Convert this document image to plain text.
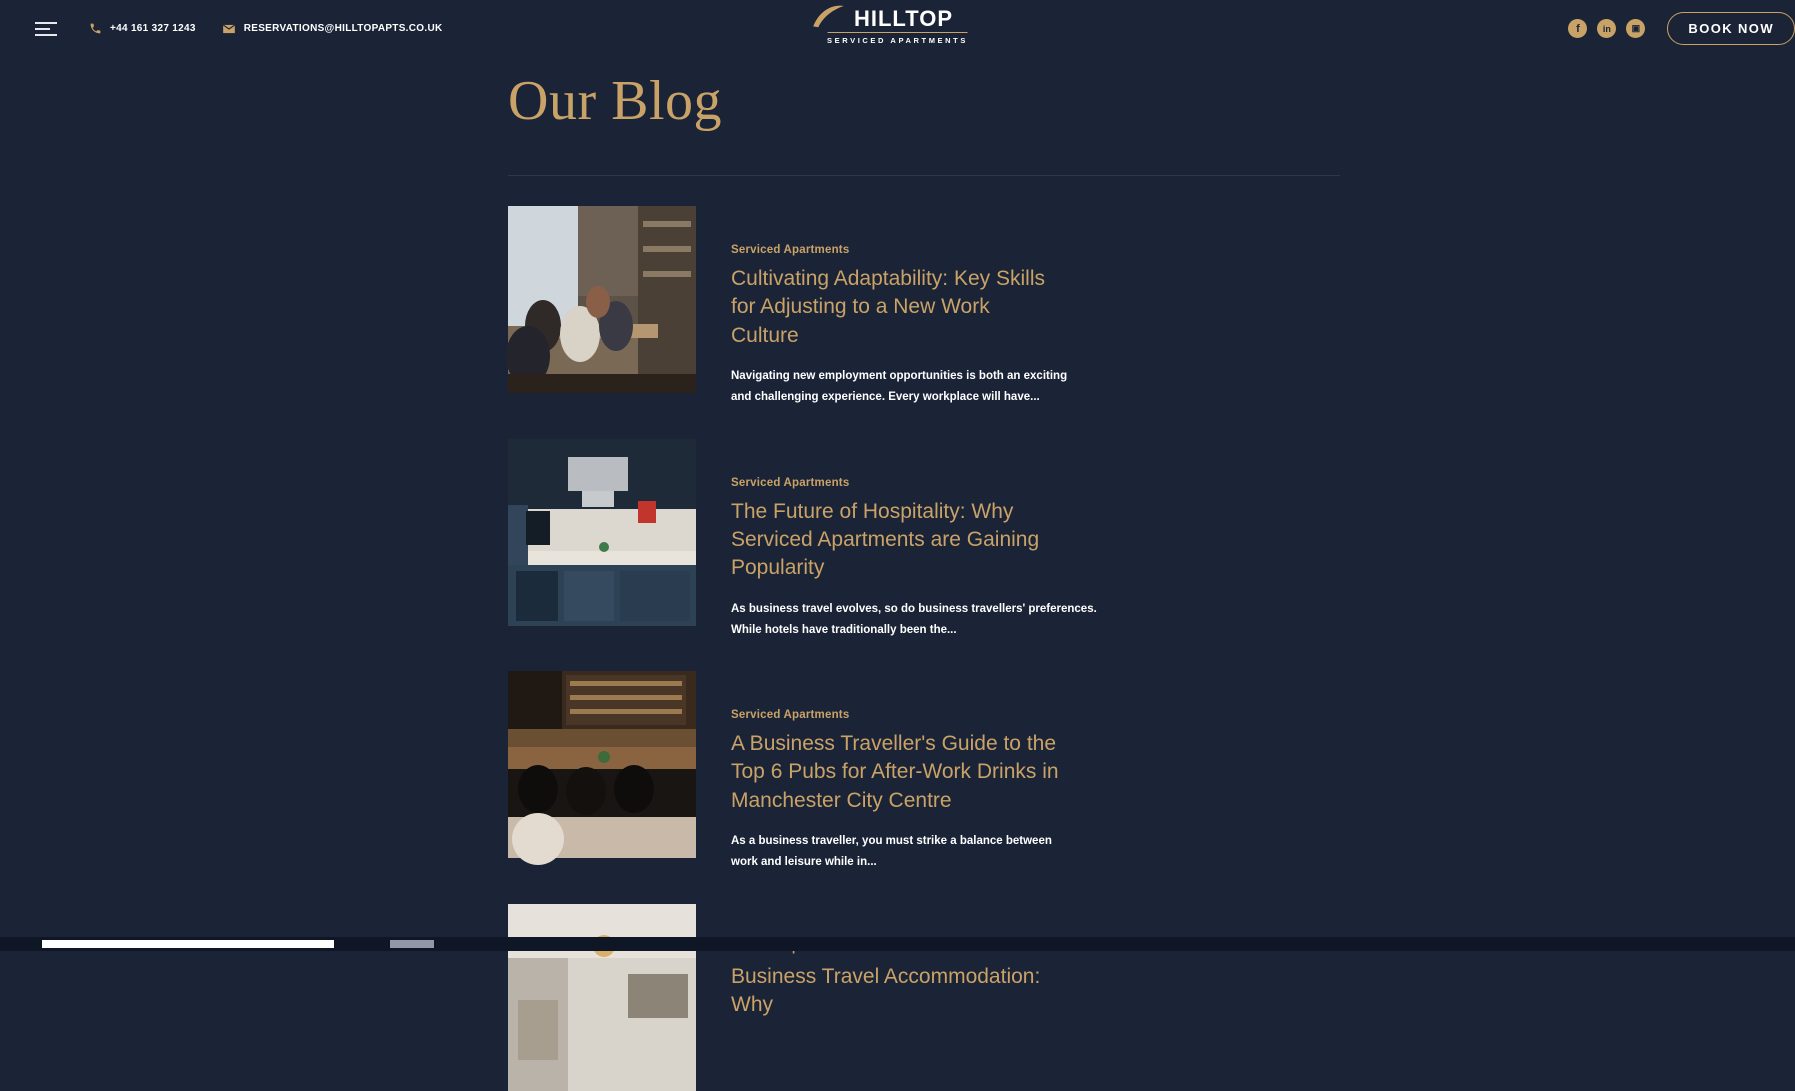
+44 161 327 1243	RESERVATIONS@HILLTOPAPTS.CO.UK	HILLTOP
SERVICED APARTMENTS
f	in	▣	BOOK NOW
Our Blog
Serviced Apartments
Cultivating Adaptability: Key Skills for Adjusting to a New Work Culture
Navigating new employment opportunities is both an exciting and challenging experience. Every workplace will have...
Serviced Apartments
The Future of Hospitality: Why Serviced Apartments are Gaining Popularity
As business travel evolves, so do business travellers' preferences. While hotels have traditionally been the...
Serviced Apartments
A Business Traveller's Guide to the Top 6 Pubs for After-Work Drinks in Manchester City Centre
As a business traveller, you must strike a balance between work and leisure while in...
Business Travel Accommodation: Why
